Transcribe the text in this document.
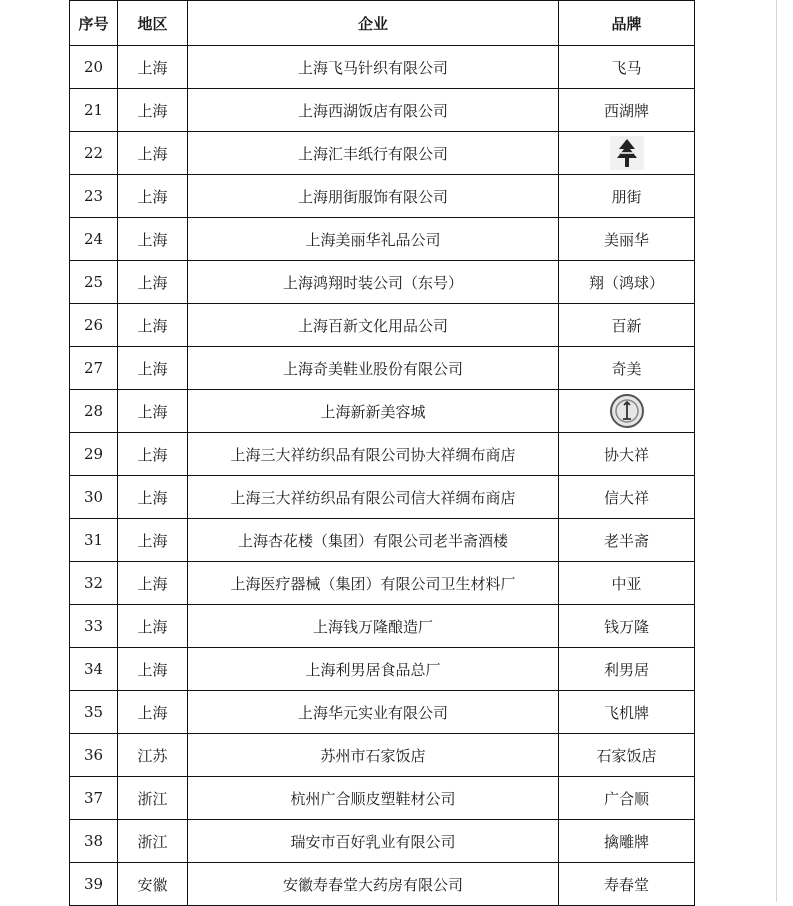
序号	地区	企业	品牌
20	上海	上海飞马针织有限公司	飞马
21	上海	上海西湖饭店有限公司	西湖牌
22	上海	上海汇丰纸行有限公司	
23	上海	上海朋街服饰有限公司	朋街
24	上海	上海美丽华礼品公司	美丽华
25	上海	上海鸿翔时装公司（东号）	翔（鸿球）
26	上海	上海百新文化用品公司	百新
27	上海	上海奇美鞋业股份有限公司	奇美
28	上海	上海新新美容城	
29	上海	上海三大祥纺织品有限公司协大祥绸布商店	协大祥
30	上海	上海三大祥纺织品有限公司信大祥绸布商店	信大祥
31	上海	上海杏花楼（集团）有限公司老半斋酒楼	老半斋
32	上海	上海医疗器械（集团）有限公司卫生材料厂	中亚
33	上海	上海钱万隆酿造厂	钱万隆
34	上海	上海利男居食品总厂	利男居
35	上海	上海华元实业有限公司	飞机牌
36	江苏	苏州市石家饭店	石家饭店
37	浙江	杭州广合顺皮塑鞋材公司	广合顺
38	浙江	瑞安市百好乳业有限公司	擒雕牌
39	安徽	安徽寿春堂大药房有限公司	寿春堂
